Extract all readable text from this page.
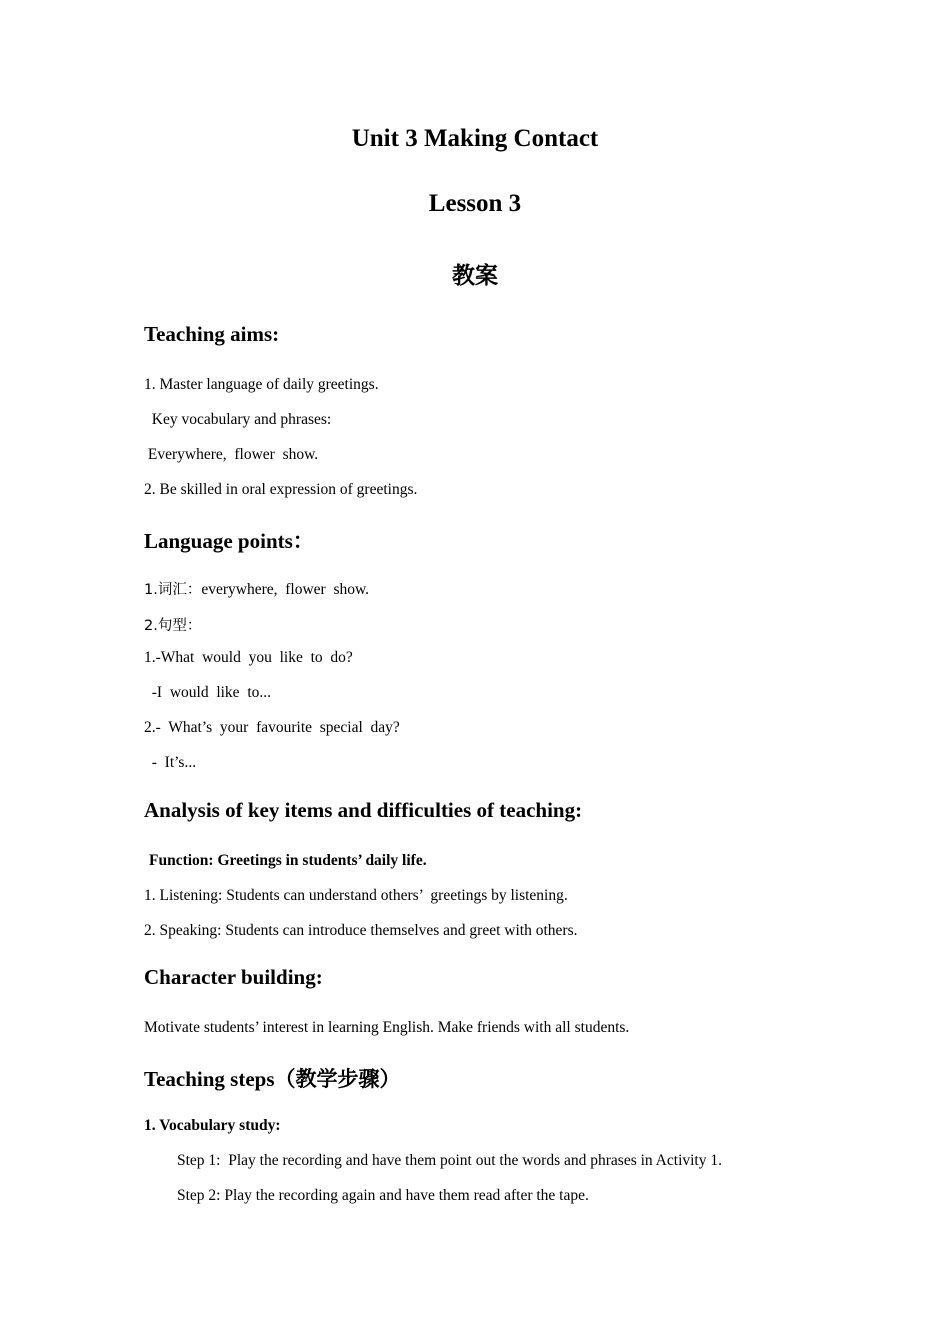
Unit 3 Making Contact
Lesson 3
教案
Teaching aims:
1. Master language of daily greetings.
Key vocabulary and phrases:
Everywhere,  flower  show.
2. Be skilled in oral expression of greetings.
Language points：
1.词汇：everywhere,  flower  show.
2.句型：
1.-What  would  you  like  to  do?
-I  would  like  to...
2.-  What’s  your  favourite  special  day?
-  It’s...
Analysis of key items and difficulties of teaching:
Function: Greetings in students’ daily life.
1. Listening: Students can understand others’  greetings by listening.
2. Speaking: Students can introduce themselves and greet with others.
Character building:
Motivate students’ interest in learning English. Make friends with all students.
Teaching steps（教学步骤）
1. Vocabulary study:
Step 1:  Play the recording and have them point out the words and phrases in Activity 1.
Step 2: Play the recording again and have them read after the tape.
